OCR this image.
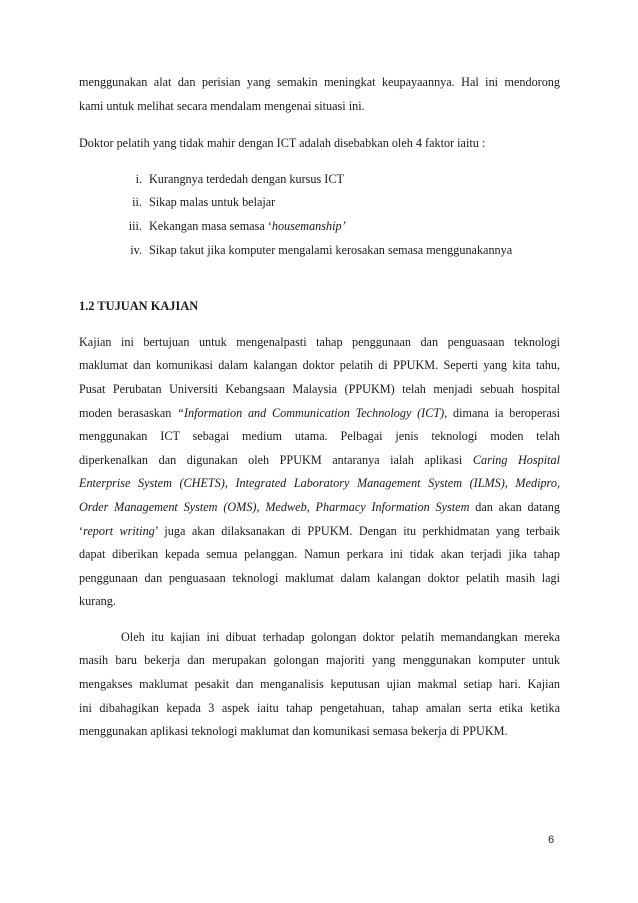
menggunakan alat dan perisian yang semakin meningkat keupayaannya. Hal ini mendorong
kami untuk melihat secara mendalam mengenai situasi ini.

Doktor pelatih yang tidak mahir dengan ICT adalah disebabkan oleh 4 faktor iaitu :

i. Kurangnya terdedah dengan kursus ICT
ii. Sikap malas untuk belajar
iii. Kekangan masa semasa ‘housemanship’
iv. Sikap takut jika komputer mengalami kerosakan semasa menggunakannya
1.2 TUJUAN KAJIAN

Kajian ini bertujuan untuk mengenalpasti tahap penggunaan dan penguasaan teknologi
maklumat dan komunikasi dalam kalangan doktor pelatih di PPUKM. Seperti yang kita tahu,
Pusat Perubatan Universiti Kebangsaan Malaysia (PPUKM) telah menjadi sebuah hospital
moden berasaskan “Information and Communication Technology (ICT), dimana ia beroperasi
menggunakan ICT sebagai medium utama. Pelbagai jenis teknologi moden telah
diperkenalkan dan digunakan oleh PPUKM antaranya ialah aplikasi Caring Hospital
Enterprise System (CHETS), Integrated Laboratory Management System (ILMS), Medipro,
Order Management System (OMS), Medweb, Pharmacy Information System dan akan datang
‘report writing’ juga akan dilaksanakan di PPUKM. Dengan itu perkhidmatan yang terbaik
dapat diberikan kepada semua pelanggan. Namun perkara ini tidak akan terjadi jika tahap
penggunaan dan penguasaan teknologi maklumat dalam kalangan doktor pelatih masih lagi
kurang.

Oleh itu kajian ini dibuat terhadap golongan doktor pelatih memandangkan mereka
masih baru bekerja dan merupakan golongan majoriti yang menggunakan komputer untuk
mengakses maklumat pesakit dan menganalisis keputusan ujian makmal setiap hari. Kajian
ini dibahagikan kepada 3 aspek iaitu tahap pengetahuan, tahap amalan serta etika ketika
menggunakan aplikasi teknologi maklumat dan komunikasi semasa bekerja di PPUKM.

6
